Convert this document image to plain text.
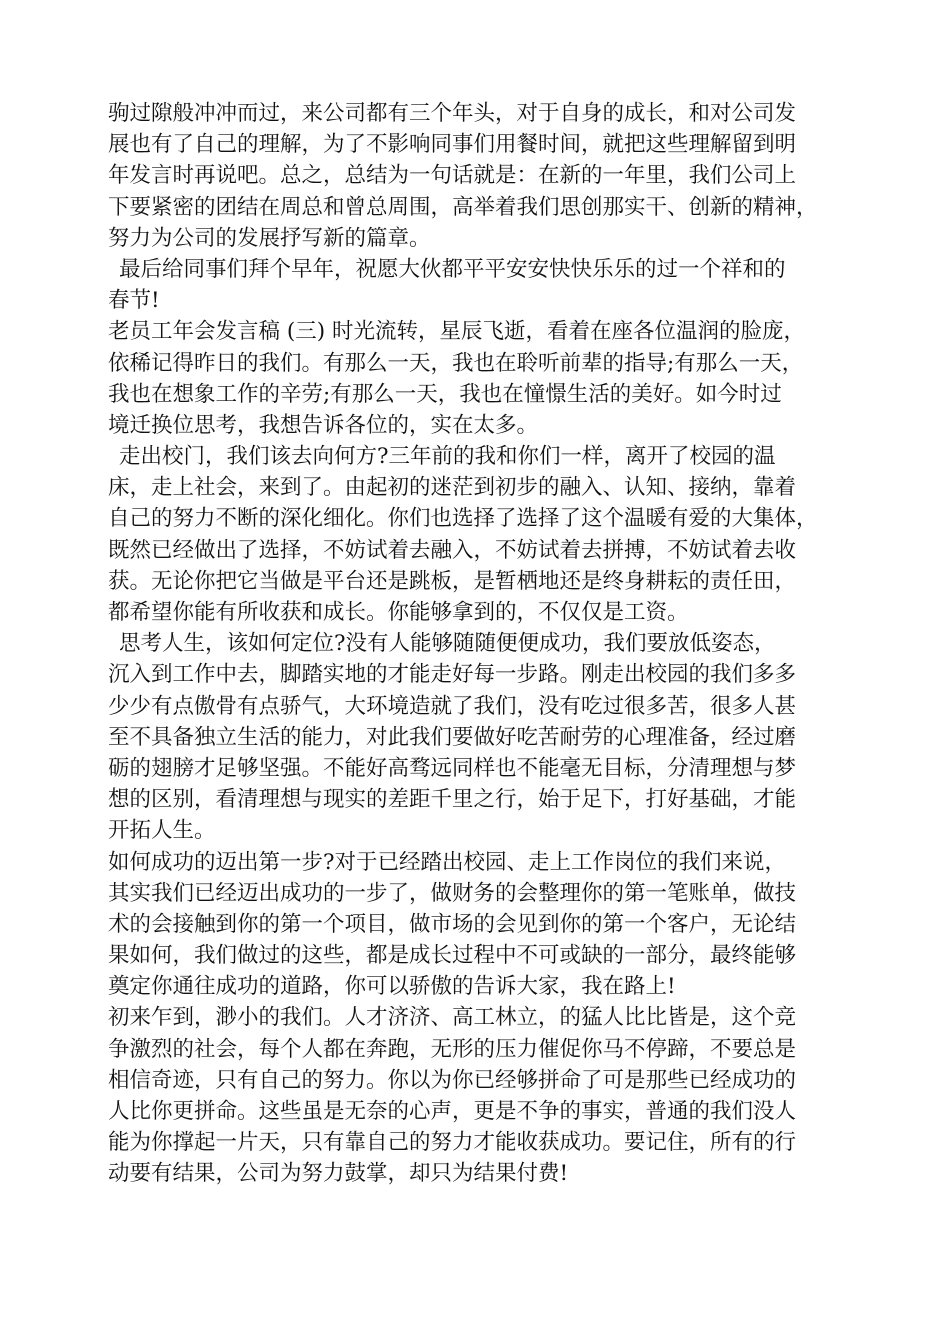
驹过隙般冲冲而过，来公司都有三个年头，对于自身的成长，和对公司发
展也有了自己的理解，为了不影响同事们用餐时间，就把这些理解留到明
年发言时再说吧。总之，总结为一句话就是：在新的一年里，我们公司上
下要紧密的团结在周总和曾总周围，高举着我们思创那实干、创新的精神，
努力为公司的发展抒写新的篇章。
最后给同事们拜个早年，祝愿大伙都平平安安快快乐乐的过一个祥和的
春节!
老员工年会发言稿 (三) 时光流转，星辰飞逝，看着在座各位温润的脸庞，
依稀记得昨日的我们。有那么一天，我也在聆听前辈的指导;有那么一天，
我也在想象工作的辛劳;有那么一天，我也在憧憬生活的美好。如今时过
境迁换位思考，我想告诉各位的，实在太多。
走出校门，我们该去向何方?三年前的我和你们一样，离开了校园的温
床，走上社会，来到了。由起初的迷茫到初步的融入、认知、接纳，靠着
自己的努力不断的深化细化。你们也选择了选择了这个温暖有爱的大集体，
既然已经做出了选择，不妨试着去融入，不妨试着去拼搏，不妨试着去收
获。无论你把它当做是平台还是跳板，是暂栖地还是终身耕耘的责任田，
都希望你能有所收获和成长。你能够拿到的，不仅仅是工资。
思考人生，该如何定位?没有人能够随随便便成功，我们要放低姿态，
沉入到工作中去，脚踏实地的才能走好每一步路。刚走出校园的我们多多
少少有点傲骨有点骄气，大环境造就了我们，没有吃过很多苦，很多人甚
至不具备独立生活的能力，对此我们要做好吃苦耐劳的心理准备，经过磨
砺的翅膀才足够坚强。不能好高骛远同样也不能毫无目标，分清理想与梦
想的区别，看清理想与现实的差距千里之行，始于足下，打好基础，才能
开拓人生。
如何成功的迈出第一步?对于已经踏出校园、走上工作岗位的我们来说，
其实我们已经迈出成功的一步了，做财务的会整理你的第一笔账单，做技
术的会接触到你的第一个项目，做市场的会见到你的第一个客户，无论结
果如何，我们做过的这些，都是成长过程中不可或缺的一部分，最终能够
奠定你通往成功的道路，你可以骄傲的告诉大家，我在路上!
初来乍到，渺小的我们。人才济济、高工林立，的猛人比比皆是，这个竞
争激烈的社会，每个人都在奔跑，无形的压力催促你马不停蹄，不要总是
相信奇迹，只有自己的努力。你以为你已经够拼命了可是那些已经成功的
人比你更拼命。这些虽是无奈的心声，更是不争的事实，普通的我们没人
能为你撑起一片天，只有靠自己的努力才能收获成功。要记住，所有的行
动要有结果，公司为努力鼓掌，却只为结果付费!
